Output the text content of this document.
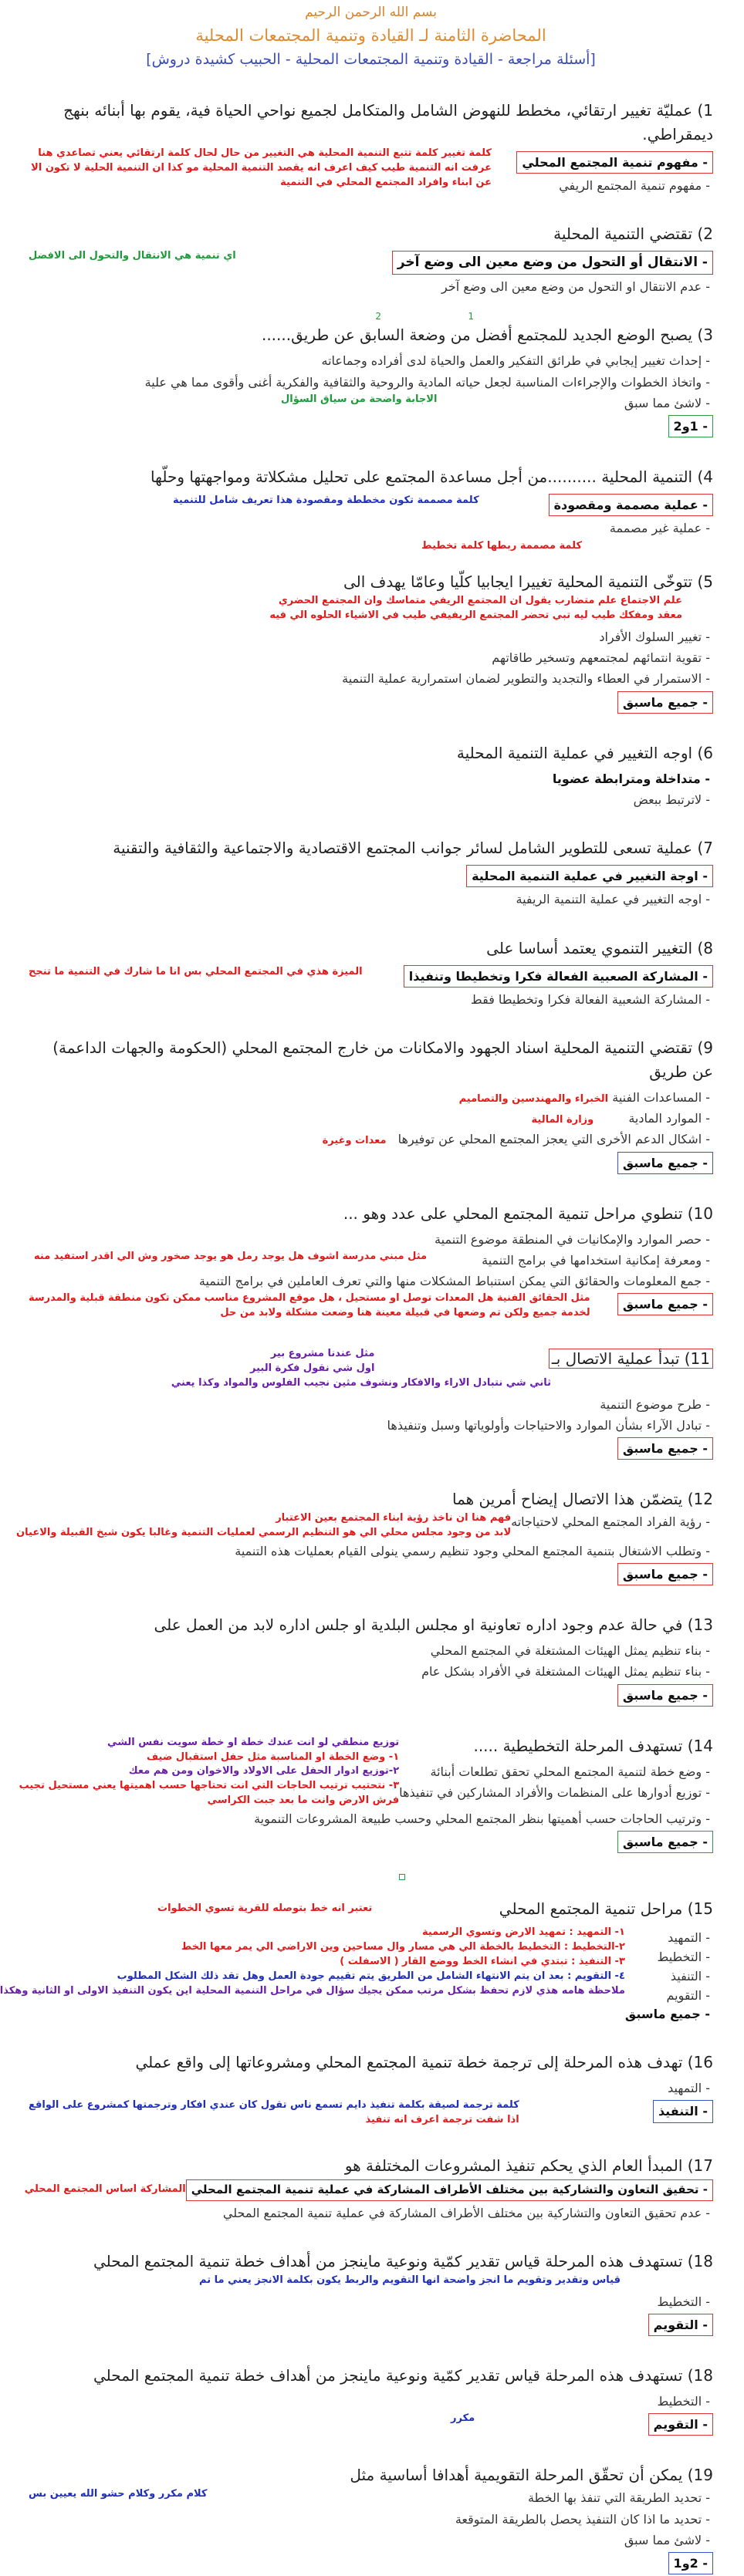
بسم الله الرحمن الرحيم
المحاضرة الثامنة لـ القيادة وتنمية المجتمعات المحلية
[أسئلة مراجعة - القيادة وتنمية المجتمعات المحلية - الحبيب كشيدة دروش]
1) عمليّة تغيير ارتقائي، مخطط للنهوض الشامل والمتكامل لجميع نواحي الحياة فية، يقوم بها أبنائه بنهج ديمقراطي.
- مفهوم تنمية المجتمع المحلي
- مفهوم تنمية المجتمع الريفي
كلمة تغيير كلمة تتبع التنمية المحلية هي التغيير من حال لحال كلمة ارتقائي يعني تصاعدي هنا عرفت انه التنمية طيب كيف اعرف انه يقصد التنمية المحلية مو كذا ان التنمية الحلية لا تكون الا عن ابناء وافراد المجتمع المحلي في التنمية
2) تقتضي التنمية المحلية
- الانتقال أو التحول من وضع معين الى وضع آخر
- عدم الانتقال او التحول من وضع معين الى وضع آخر
اي تنمية هي الانتقال والتحول الى الافضل
1
2
3) يصبح الوضع الجديد للمجتمع أفضل من وضعة السابق عن طريق......
- إحداث تغيير إيجابي في طرائق التفكير والعمل والحياة لدى أفراده وجماعاته
- واتخاذ الخطوات والإجراءات المناسبة لجعل حياته المادية والروحية والثقافية والفكرية أغنى وأقوى مما هي علية
- لاشئ مما سبق
الاجابة واضحة من سياق السؤال
- 1و2
4) التنمية المحلية ..........من أجل مساعدة المجتمع على تحليل مشكلاتة ومواجهتها وحلّها
- عملية مصممة ومقصودة
- عملية غير مصممة
كلمة مصممة تكون مخططة ومقصودة هذا تعريف شامل للتنمية
كلمة مصممة ربطها كلمة تخطيط
5) تتوخّى التنمية المحلية تغييرا ايجابيا كلّيا وعامّا يهدف الى
علم الاجتماع علم متضارب يقول ان المجتمع الريفي متماسك وان المجتمع الحضري
معقد ومفكك طيب ليه تبي تحضر المجتمع الريفيفي طيب في الاشياء الحلوه الي فيه
- تغيير السلوك الأفراد
- تقوية انتمائهم لمجتمعهم وتسخير طاقاتهم
- الاستمرار في العطاء والتجديد والتطوير لضمان استمرارية عملية التنمية
- جميع ماسبق
6) اوجه التغيير في عملية التنمية المحلية
- متداخلة ومترابطة عضويا
- لاترتبط ببعض
7) عملية تسعى للتطوير الشامل لسائر جوانب المجتمع الاقتصادية والاجتماعية والثقافية والتقنية
- اوجة التغيير في عملية التنمية المحلية
- اوجه التغيير في عملية التنمية الريفية
8) التغيير التنموي يعتمد أساسا على
- المشاركة الصعبية الفعالة فكرا وتخطيطا وتنفيذا
- المشاركة الشعبية الفعالة فكرا وتخطيطا فقط
الميزة هذي في المجتمع المحلي بس انا ما شارك في التنمية ما تنجح
9) تقتضي التنمية المحلية اسناد الجهود والامكانات من خارج المجتمع المحلي (الحكومة والجهات الداعمة) عن طريق
- المساعدات الفنية الخبراء والمهندسين والتصاميم
- الموارد المادية وزارة المالية
- اشكال الدعم الأخرى التي يعجز المجتمع المحلي عن توفيرها معدات وغيرة
- جميع ماسبق
10) تنطوي مراحل تنمية المجتمع المحلي على عدد وهو ...
- حصر الموارد والإمكانيات في المنطقة موضوع التنمية
- ومعرفة إمكانية استخدامها في برامج التنمية
مثل مبني مدرسة اشوف هل يوجد رمل هو يوجد صخور وش الي اقدر استفيد منه
- جمع المعلومات والحقائق التي يمكن استنباط المشكلات منها والتي تعرف العاملين في برامج التنمية
- جميع ماسبق
مثل الحقائق الفنية هل المعدات توصل او مستحيل ، هل موقع المشروع مناسب ممكن تكون منطقة قبلية والمدرسة
لخدمة جميع ولكن تم وضعها في قبيلة معينة هنا وضعت مشكلة ولابد من حل
11) تبدأ عملية الاتصال بـ
مثل عندنا مشروع بير
اول شي نقول فكرة البير
ثاني شي نتبادل الاراء والافكار ونشوف مثين نجيب الفلوس والمواد وكذا يعني
- طرح موضوع التنمية
- تبادل الآراء بشأن الموارد والاحتياجات وأولوياتها وسبل وتنفيذها
- جميع ماسبق
12) يتضمّن هذا الاتصال إيضاح أمرين هما
- رؤية الفراد المجتمع المحلي لاحتياجاته
فهم هنا ان ناخذ رؤية ابناء المجتمع بعين الاعتبار
لابد من وجود مجلس محلي الي هو التنظيم الرسمي لعمليات التنمية وغالبا يكون شيخ القبيلة والاعيان
- وتطلب الاشتغال بتنمية المجتمع المحلي وجود تنظيم رسمي ينولى القيام بعمليات هذه التنمية
- جميع ماسبق
13) في حالة عدم وجود اداره تعاونية او مجلس البلدية او جلس اداره لابد من العمل على
- بناء تنظيم يمثل الهيئات المشتغلة في المجتمع المحلي
- بناء تنظيم يمثل الهيئات المشتغلة في الأفراد بشكل عام
- جميع ماسبق
14) تستهدف المرحلة التخطيطية .....
- وضع خطة لتنمية المجتمع المحلي تحقق تطلعات أبنائة
- توزيع أدوارها على المنظمات والأفراد المشاركين في تنفيذها
توزيع منطقي لو انت عندك خطة او خطة سويت نفس الشي
١- وضع الخطة او المناسبة مثل حفل استقبال ضيف
٢-توزيع ادوار الحفل على الاولاد والاخوان ومن هم معك
٣- نتحتيب ترتيب الحاجات التي انت تحتاجها حسب اهميتها يعني مستحيل تجيب
فرش الارض وانت ما بعد جبت الكراسي
- وترتيب الحاجات حسب أهميتها بنظر المجتمع المحلي وحسب طبيعة المشروعات التنموية
- جميع ماسبق
15) مراحل تنمية المجتمع المحلي
تعتبر انه خط بتوصله للقرية تسوي الخطوات
- التمهيد
- التخطيط
- التنفيذ
- التقويم
- جميع ماسبق
١- التمهيد : تمهيد الارض وتسوي الرسمية
٢-التخطيط : التخطيط بالخطة الي هي مسار وال مساحين وين الاراضي الي يمر معها الخط
٣- التنفيذ : تبتدي في انشاء الخط ووضع القار ( الاسفلت )
٤- التقويم : بعد ان يتم الانتهاء الشامل من الطريق يتم تقييم جودة العمل وهل تقد ذلك الشكل المطلوب
ملاحظة هامه هذي لازم تحفظ بشكل مرتب ممكن يجيك سؤال في مراحل التنمية المحلية اين يكون التنفيذ الاولى او الثانية وهكذا
16) تهدف هذه المرحلة إلى ترجمة خطة تنمية المجتمع المحلي ومشروعاتها إلى واقع عملي
- التمهيد
- التنفيذ
كلمة ترجمة لصيقة بكلمة تنفيذ دايم تسمع ناس تقول كان عندي افكار وترجمتها كمشروع على الواقع
اذا شفت ترجمة اعرف انه تنفيذ
17) المبدأ العام الذي يحكم تنفيذ المشروعات المختلفة هو
- تحقيق التعاون والتشاركية بين مختلف الأطراف المشاركة في عملية تنمية المجتمع المحلي
المشاركة اساس المجتمع المحلي
- عدم تحقيق التعاون والتشاركية بين مختلف الأطراف المشاركة في عملية تنمية المجتمع المحلي
18) تستهدف هذه المرحلة قياس تقدير كمّية ونوعية ماينجز من أهداف خطة تنمية المجتمع المحلي
قياس وتقدير وتقويم ما انجز واضحة انها التقويم والربط يكون بكلمة الانجز يعني ما تم
- التخطيط
- التقويم
18) تستهدف هذه المرحلة قياس تقدير كمّية ونوعية ماينجز من أهداف خطة تنمية المجتمع المحلي
- التخطيط
- التقويم
مكرر
19) يمكن أن تحقّق المرحلة التقويمية أهدافا أساسية مثل
- تحديد الطريقة التي تنفذ بها الخطة
كلام مكرر وكلام حشو الله يعيين بس
- تحديد ما اذا كان التنفيذ يحصل بالطريقة المتوقعة
- لاشئ مما سبق
- 2و1
